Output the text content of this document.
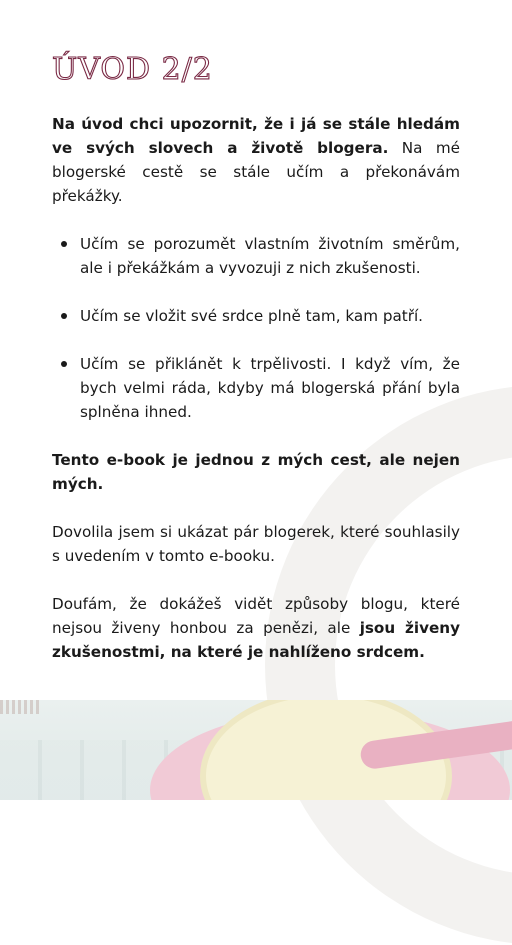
ÚVOD 2/2

Na úvod chci upozornit, že i já se stále hledám ve svých slovech a životě blogera. Na mé blogerské cestě se stále učím a překonávám překážky.

Učím se porozumět vlastním životním směrům, ale i překážkám a vyvozuji z nich zkušenosti.
Učím se vložit své srdce plně tam, kam patří.
Učím se přiklánět k trpělivosti. I když vím, že bych velmi ráda, kdyby má blogerská přání byla splněna ihned.

Tento e-book je jednou z mých cest, ale nejen mých.

Dovolila jsem si ukázat pár blogerek, které souhlasily s uvedením v tomto e-booku.

Doufám, že dokážeš vidět způsoby blogu, které nejsou živeny honbou za penězi, ale jsou živeny zkušenostmi, na které je nahlíženo srdcem.
